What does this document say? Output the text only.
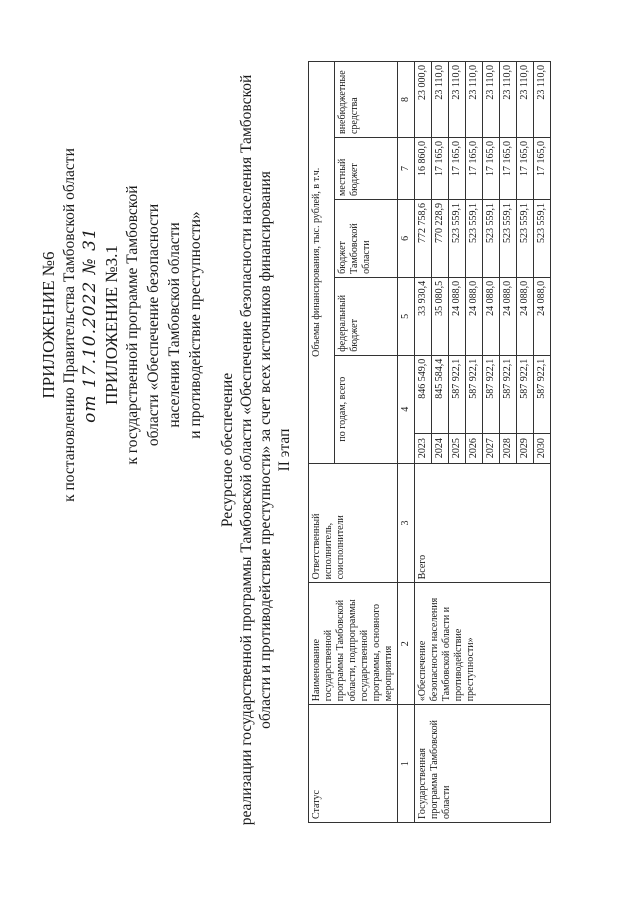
ПРИЛОЖЕНИЕ №6 к постановлению Правительства Тамбовской области от 17.10.2022 № 31 ПРИЛОЖЕНИЕ №3.1 к государственной программе Тамбовской области «Обеспечение безопасности населения Тамбовской области и противодействие преступности»
Ресурсное обеспечение реализации государственной программы Тамбовской области «Обеспечение безопасности населения Тамбовской области и противодействие преступности» за счет всех источников финансирования II этап
Статус	Наименование государственной программы Тамбовской области, подпрограммы государственной программы, основного мероприятия	Ответственный исполнитель, соисполнители	Объемы финансирования, тыс. рублей, в т.ч.					
			по годам, всего		федеральный бюджет	бюджет Тамбовской области	местный бюджет	внебюджетные средства
1	2	3	4		5	6	7	8
Государственная программа Тамбовской области	«Обеспечение безопасности населения Тамбовской области и противодействие преступности»	Всего	2023	846 549,0	33 930,4	772 758,6	16 860,0	23 000,0
			2024	845 584,4	35 080,5	770 228,9	17 165,0	23 110,0
			2025	587 922,1	24 088,0	523 559,1	17 165,0	23 110,0
			2026	587 922,1	24 088,0	523 559,1	17 165,0	23 110,0
			2027	587 922,1	24 088,0	523 559,1	17 165,0	23 110,0
			2028	587 922,1	24 088,0	523 559,1	17 165,0	23 110,0
			2029	587 922,1	24 088,0	523 559,1	17 165,0	23 110,0
			2030	587 922,1	24 088,0	523 559,1	17 165,0	23 110,0
